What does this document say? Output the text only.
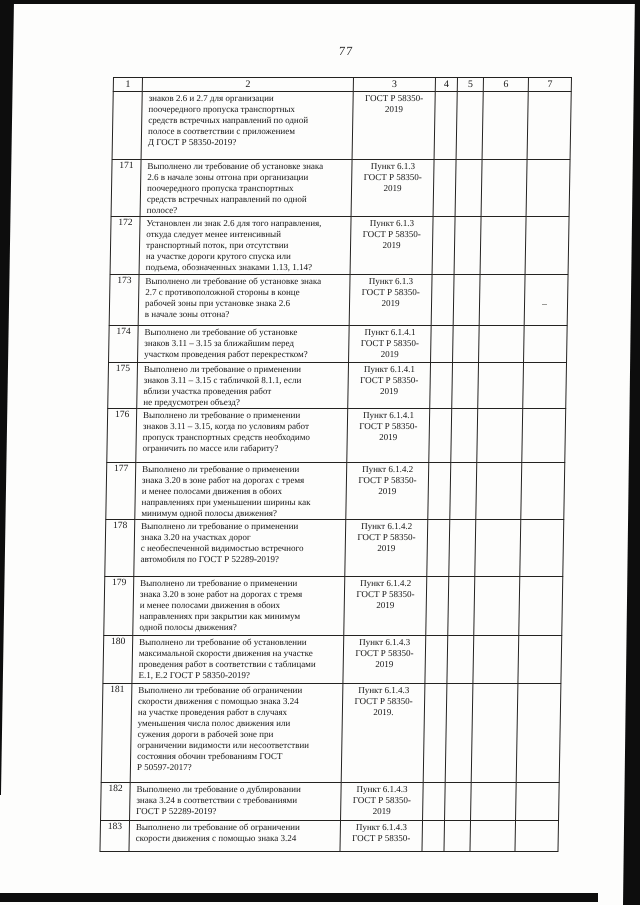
77
1	2	3	4	5	6	7
	знаков 2.6 и 2.7 для организации
поочередного пропуска транспортных
средств встречных направлений по одной
полосе в соответствии с приложением
Д ГОСТ Р 58350-2019?	ГОСТ Р 58350-
2019				
171	Выполнено ли требование об установке знака
2.6 в начале зоны отгона при организации
поочередного пропуска транспортных
средств встречных направлений по одной
полосе?	Пункт 6.1.3
ГОСТ Р 58350-
2019				
172	Установлен ли знак 2.6 для того направления,
откуда следует менее интенсивный
транспортный поток, при отсутствии
на участке дороги крутого спуска или
подъема, обозначенных знаками 1.13, 1.14?	Пункт 6.1.3
ГОСТ Р 58350-
2019				
173	Выполнено ли требование об установке знака
2.7 с противоположной стороны в конце
рабочей зоны при установке знака 2.6
в начале зоны отгона?	Пункт 6.1.3
ГОСТ Р 58350-
2019				
174	Выполнено ли требование об установке
знаков 3.11 – 3.15 за ближайшим перед
участком проведения работ перекрестком?	Пункт 6.1.4.1
ГОСТ Р 58350-
2019				
175	Выполнено ли требование о применении
знаков 3.11 – 3.15 с табличкой 8.1.1, если
вблизи участка проведения работ
не предусмотрен объезд?	Пункт 6.1.4.1
ГОСТ Р 58350-
2019				
176	Выполнено ли требование о применении
знаков 3.11 – 3.15, когда по условиям работ
пропуск транспортных средств необходимо
ограничить по массе или габариту?	Пункт 6.1.4.1
ГОСТ Р 58350-
2019				
177	Выполнено ли требование о применении
знака 3.20 в зоне работ на дорогах с тремя
и менее полосами движения в обоих
направлениях при уменьшении ширины как
минимум одной полосы движения?	Пункт 6.1.4.2
ГОСТ Р 58350-
2019				
178	Выполнено ли требование о применении
знака 3.20 на участках дорог
с необеспеченной видимостью встречного
автомобиля по ГОСТ Р 52289-2019?	Пункт 6.1.4.2
ГОСТ Р 58350-
2019				
179	Выполнено ли требование о применении
знака 3.20 в зоне работ на дорогах с тремя
и менее полосами движения в обоих
направлениях при закрытии как минимум
одной полосы движения?	Пункт 6.1.4.2
ГОСТ Р 58350-
2019				
180	Выполнено ли требование об установлении
максимальной скорости движения на участке
проведения работ в соответствии с таблицами
Е.1, Е.2 ГОСТ Р 58350-2019?	Пункт 6.1.4.3
ГОСТ Р 58350-
2019				
181	Выполнено ли требование об ограничении
скорости движения с помощью знака 3.24
на участке проведения работ в случаях
уменьшения числа полос движения или
сужения дороги в рабочей зоне при
ограничении видимости или несоответствии
состояния обочин требованиям ГОСТ
Р 50597-2017?	Пункт 6.1.4.3
ГОСТ Р 58350-
2019.				
182	Выполнено ли требование о дублировании
знака 3.24 в соответствии с требованиями
ГОСТ Р 52289-2019?	Пункт 6.1.4.3
ГОСТ Р 58350-
2019				
183	Выполнено ли требование об ограничении
скорости движения с помощью знака 3.24	Пункт 6.1.4.3
ГОСТ Р 58350-				
